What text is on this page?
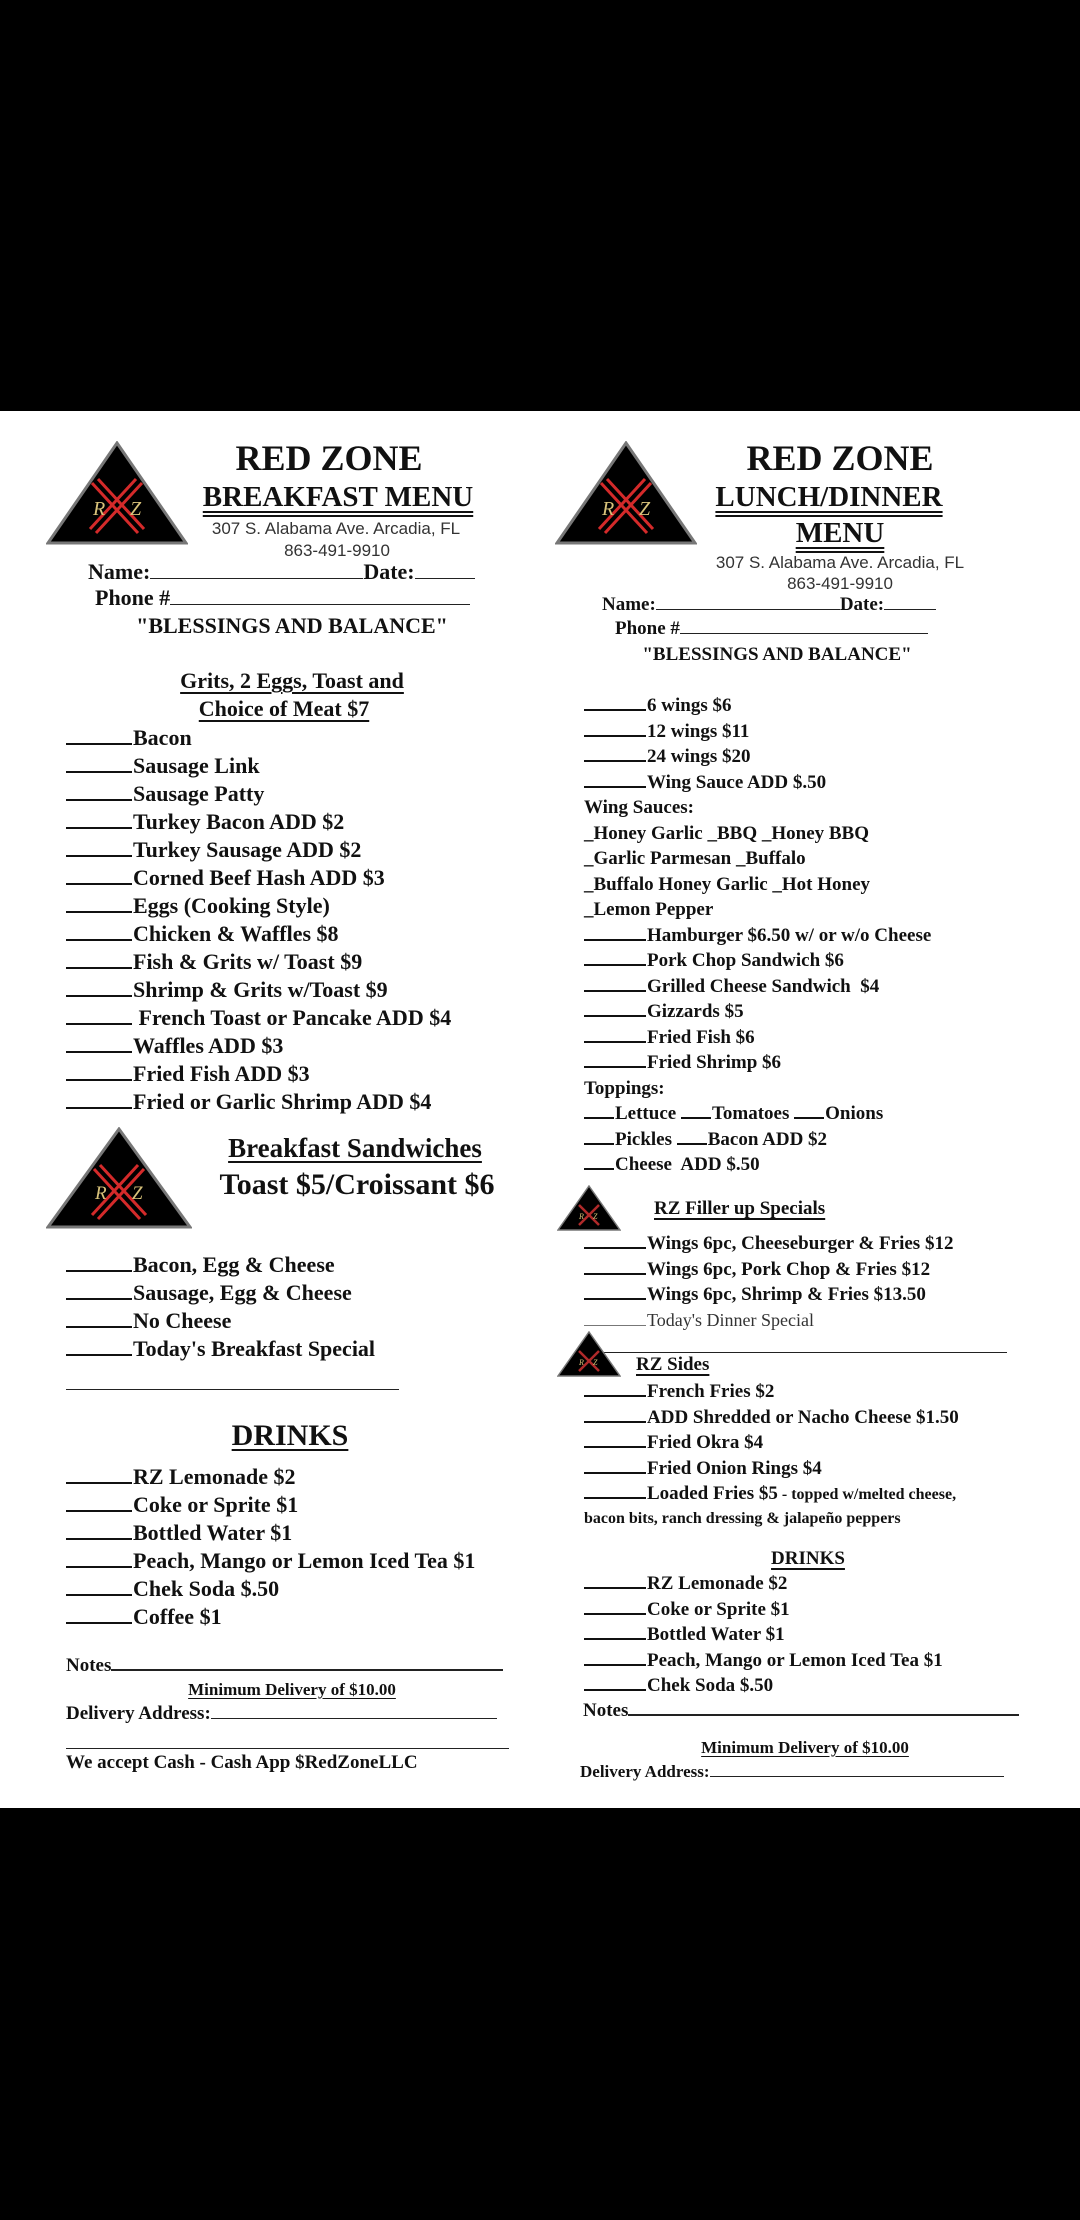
R Z
RED ZONE
BREAKFAST MENU
307 S. Alabama Ave. Arcadia, FL
863-491-9910
Name:	Date:
Phone #
"BLESSINGS AND BALANCE"
Grits, 2 Eggs, Toast and
Choice of Meat $7
Bacon
Sausage Link
Sausage Patty
Turkey Bacon ADD $2
Turkey Sausage ADD $2
Corned Beef Hash ADD $3
Eggs (Cooking Style)
Chicken & Waffles $8
Fish & Grits w/ Toast $9
Shrimp & Grits w/Toast $9
French Toast or Pancake ADD $4
Waffles ADD $3
Fried Fish ADD $3
Fried or Garlic Shrimp ADD $4
R Z
Breakfast Sandwiches
Toast $5/Croissant $6
Bacon, Egg & Cheese
Sausage, Egg & Cheese
No Cheese
Today's Breakfast Special
DRINKS
RZ Lemonade $2
Coke or Sprite $1
Bottled Water $1
Peach, Mango or Lemon Iced Tea $1
Chek Soda $.50
Coffee $1
Notes
Minimum Delivery of $10.00
Delivery Address:
We accept Cash - Cash App $RedZoneLLC
R Z
RED ZONE
LUNCH/DINNER
MENU
307 S. Alabama Ave. Arcadia, FL
863-491-9910
Name:	Date:
Phone #
"BLESSINGS AND BALANCE"
6 wings $6
12 wings $11
24 wings $20
Wing Sauce ADD $.50
Wing Sauces:
_Honey Garlic _BBQ _Honey BBQ
_Garlic Parmesan _Buffalo
_Buffalo Honey Garlic _Hot Honey
_Lemon Pepper
Hamburger $6.50 w/ or w/o Cheese
Pork Chop Sandwich $6
Grilled Cheese Sandwich  $4
Gizzards $5
Fried Fish $6
Fried Shrimp $6
Toppings:
Lettuce Tomatoes Onions
Pickles Bacon ADD $2
Cheese  ADD $.50
R Z	RZ Filler up Specials
Wings 6pc, Cheeseburger & Fries $12
Wings 6pc, Pork Chop & Fries $12
Wings 6pc, Shrimp & Fries $13.50
Today's Dinner Special
R Z RZ Sides
French Fries $2
ADD Shredded or Nacho Cheese $1.50
Fried Okra $4
Fried Onion Rings $4
Loaded Fries $5 - topped w/melted cheese,
bacon bits, ranch dressing & jalapeño peppers
DRINKS
RZ Lemonade $2
Coke or Sprite $1
Bottled Water $1
Peach, Mango or Lemon Iced Tea $1
Chek Soda $.50
Notes
Minimum Delivery of $10.00
Delivery Address:
